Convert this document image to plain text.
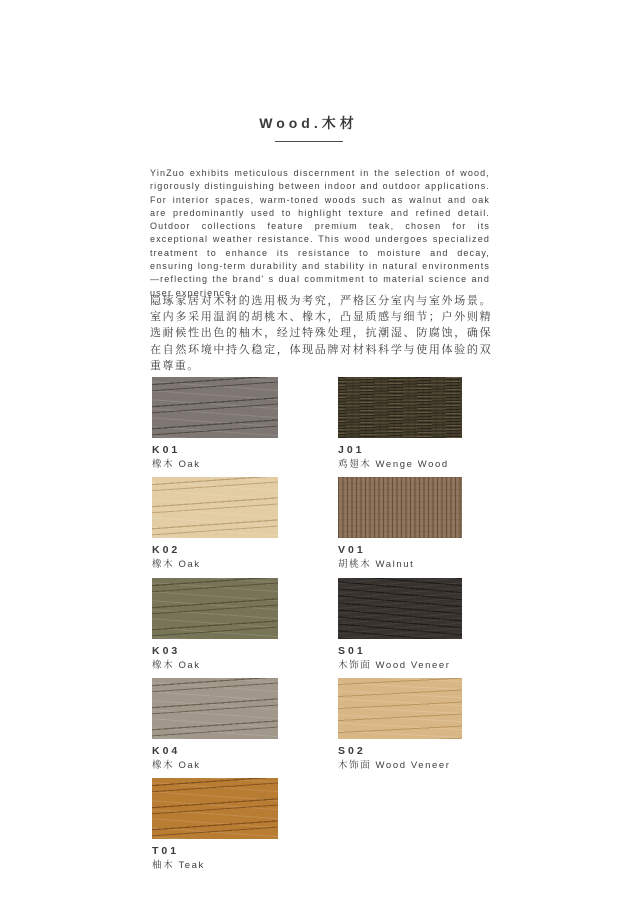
Wood.木材

YinZuo exhibits meticulous discernment in the selection of wood, rigorously distinguishing between indoor and outdoor applications. For interior spaces, warm-toned woods such as walnut and oak are predominantly used to highlight texture and refined detail. Outdoor collections feature premium teak, chosen for its exceptional weather resistance. This wood undergoes specialized treatment to enhance its resistance to moisture and decay, ensuring long-term durability and stability in natural environments—reflecting the brand' s dual commitment to material science and user experience.

隐琢家居对木材的选用极为考究，严格区分室内与室外场景。室内多采用温润的胡桃木、橡木，凸显质感与细节；户外则精选耐候性出色的柚木，经过特殊处理，抗潮湿、防腐蚀，确保在自然环境中持久稳定，体现品牌对材料科学与使用体验的双重尊重。

K01
橡木 Oak
J01
鸡翅木 Wenge Wood
K02
橡木 Oak
V01
胡桃木 Walnut
K03
橡木 Oak
S01
木饰面 Wood Veneer
K04
橡木 Oak
S02
木饰面 Wood Veneer
T01
柚木 Teak
